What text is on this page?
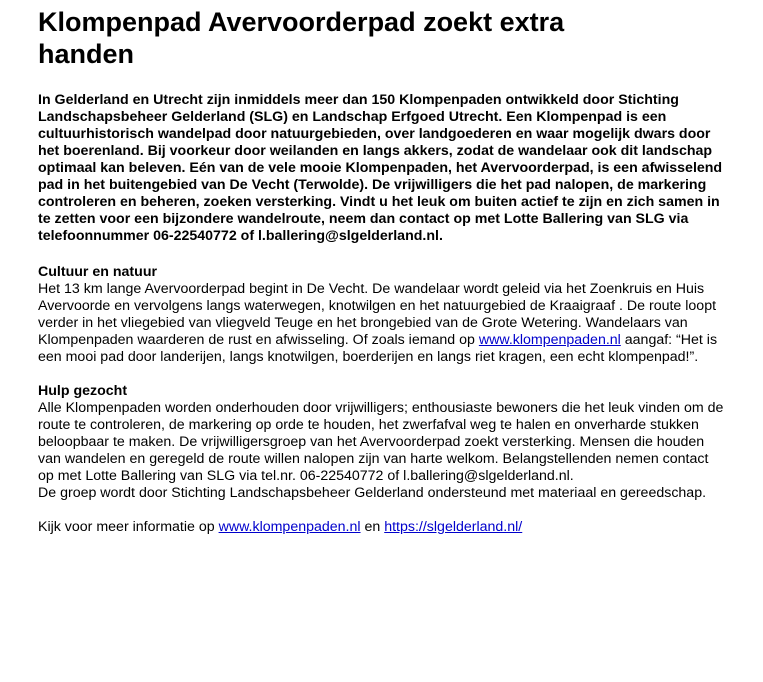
Klompenpad Avervoorderpad zoekt extra handen

In Gelderland en Utrecht zijn inmiddels meer dan 150 Klompenpaden ontwikkeld door Stichting Landschapsbeheer Gelderland (SLG) en Landschap Erfgoed Utrecht. Een Klompenpad is een cultuurhistorisch wandelpad door natuurgebieden, over landgoederen en waar mogelijk dwars door het boerenland. Bij voorkeur door weilanden en langs akkers, zodat de wandelaar ook dit landschap optimaal kan beleven. Eén van de vele mooie Klompenpaden, het Avervoorderpad, is een afwisselend pad in het buitengebied van De Vecht (Terwolde). De vrijwilligers die het pad nalopen, de markering controleren en beheren, zoeken versterking. Vindt u het leuk om buiten actief te zijn en zich samen in te zetten voor een bijzondere wandelroute, neem dan contact op met Lotte Ballering van SLG via telefoonnummer 06-22540772 of l.ballering@slgelderland.nl.

Cultuur en natuur

Het 13 km lange Avervoorderpad begint in De Vecht. De wandelaar wordt geleid via het Zoenkruis en Huis Avervoorde en vervolgens langs waterwegen, knotwilgen en het natuurgebied de Kraaigraaf . De route loopt verder in het vliegebied van vliegveld Teuge en het brongebied van de Grote Wetering. Wandelaars van Klompenpaden waarderen de rust en afwisseling. Of zoals iemand op www.klompenpaden.nl aangaf: “Het is een mooi pad door landerijen, langs knotwilgen, boerderijen en langs riet kragen, een echt klompenpad!”.

Hulp gezocht

Alle Klompenpaden worden onderhouden door vrijwilligers; enthousiaste bewoners die het leuk vinden om de route te controleren, de markering op orde te houden, het zwerfafval weg te halen en onverharde stukken beloopbaar te maken. De vrijwilligersgroep van het Avervoorderpad zoekt versterking. Mensen die houden van wandelen en geregeld de route willen nalopen zijn van harte welkom. Belangstellenden nemen contact op met Lotte Ballering van SLG via tel.nr. 06-22540772 of l.ballering@slgelderland.nl.

De groep wordt door Stichting Landschapsbeheer Gelderland ondersteund met materiaal en gereedschap.

Kijk voor meer informatie op www.klompenpaden.nl en https://slgelderland.nl/
